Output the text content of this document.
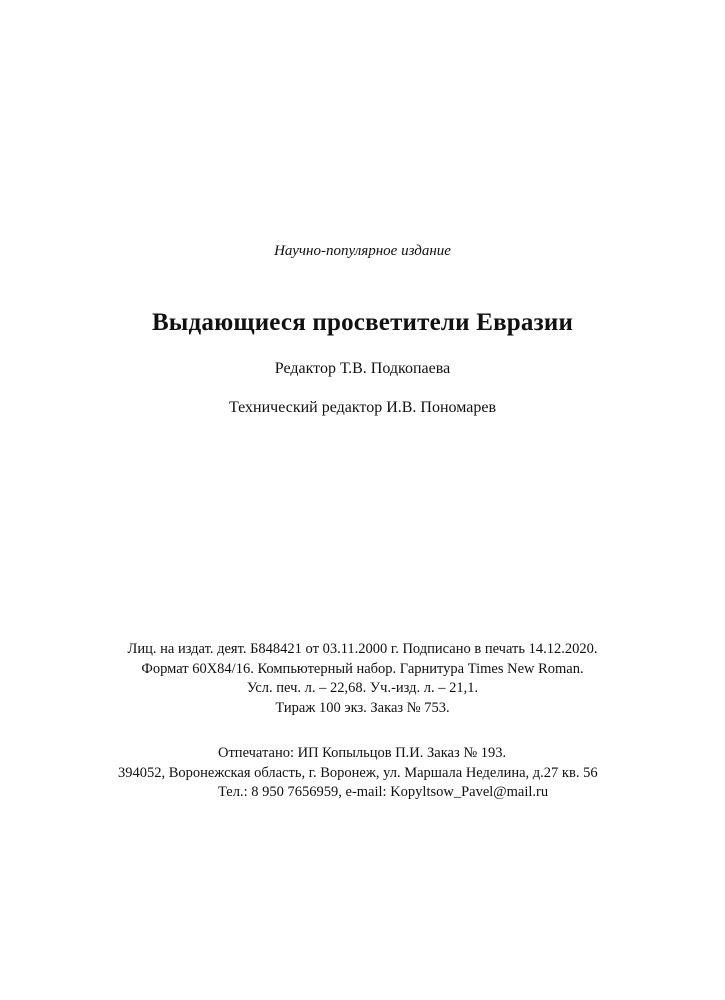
Научно-популярное издание
Выдающиеся просветители Евразии
Редактор Т.В. Подкопаева
Технический редактор И.В. Пономарев
Лиц. на издат. деят. Б848421 от 03.11.2000 г. Подписано в печать 14.12.2020.
Формат 60Х84/16. Компьютерный набор. Гарнитура Times New Roman.
Усл. печ. л. – 22,68. Уч.-изд. л. – 21,1.
Тираж 100 экз. Заказ № 753.
Отпечатано: ИП Копыльцов П.И. Заказ № 193.
394052, Воронежская область, г. Воронеж, ул. Маршала Неделина, д.27 кв. 56
Тел.: 8 950 7656959, e-mail: Kopyltsow_Pavel@mail.ru
